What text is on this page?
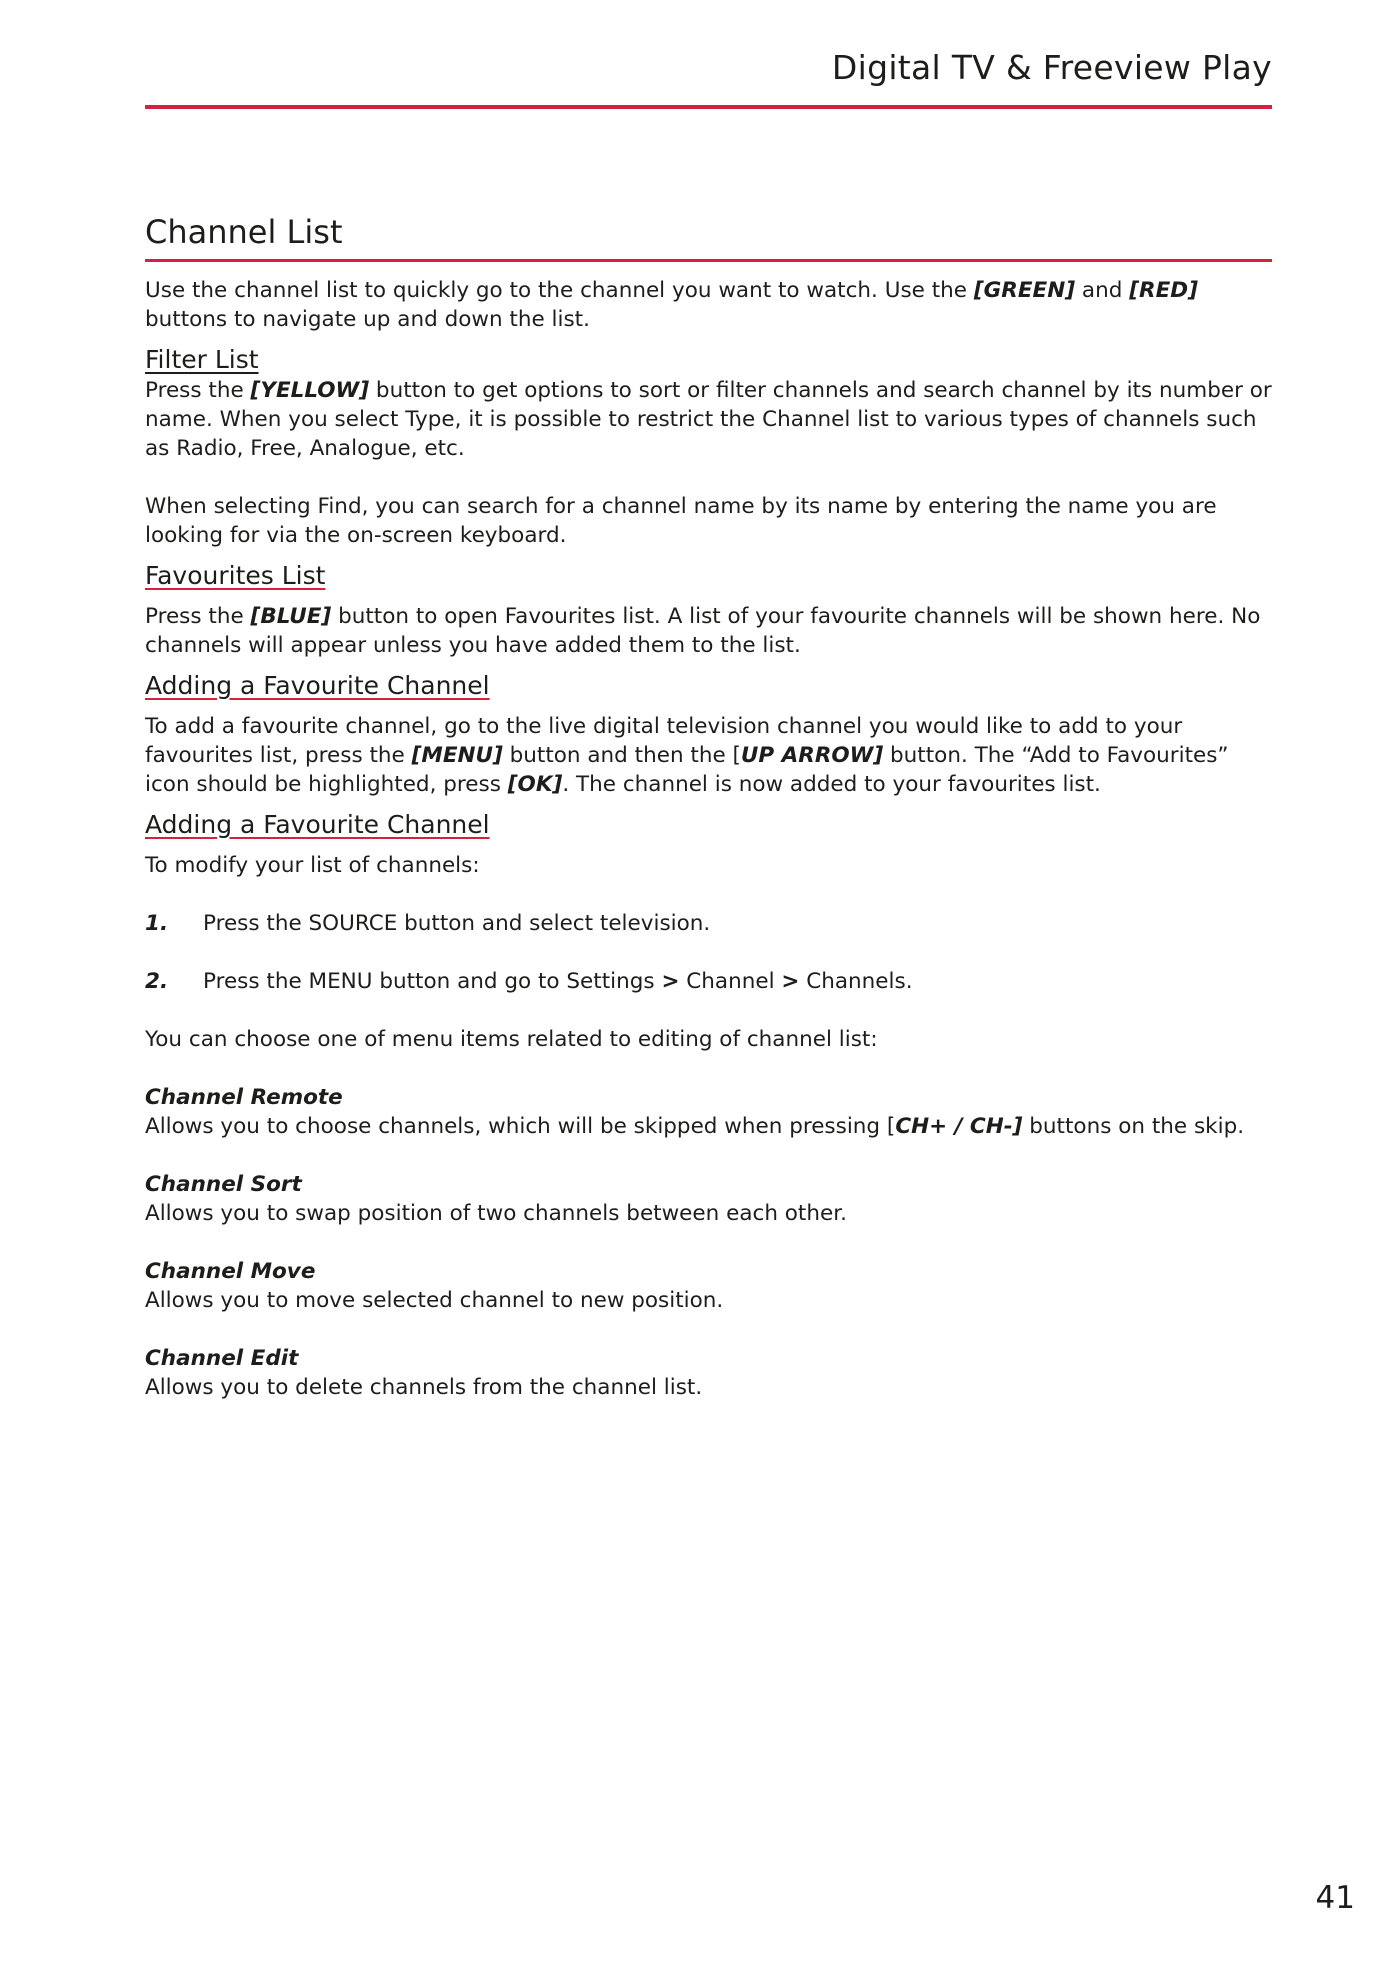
Digital TV & Freeview Play
Channel List

Use the channel list to quickly go to the channel you want to watch. Use the [GREEN] and [RED] buttons to navigate up and down the list.

Filter List

Press the [YELLOW] button to get options to sort or filter channels and search channel by its number or name. When you select Type, it is possible to restrict the Channel list to various types of channels such as Radio, Free, Analogue, etc.

When selecting Find, you can search for a channel name by its name by entering the name you are looking for via the on-screen keyboard.

Favourites List

Press the [BLUE] button to open Favourites list. A list of your favourite channels will be shown here. No channels will appear unless you have added them to the list.

Adding a Favourite Channel

To add a favourite channel, go to the live digital television channel you would like to add to your favourites list, press the [MENU] button and then the [UP ARROW] button. The “Add to Favourites” icon should be highlighted, press [OK]. The channel is now added to your favourites list.

Adding a Favourite Channel

To modify your list of channels:

1.	Press the SOURCE button and select television.
2.	Press the MENU button and go to Settings > Channel > Channels.

You can choose one of menu items related to editing of channel list:

Channel Remote

Allows you to choose channels, which will be skipped when pressing [CH+ / CH-] buttons on the skip.

Channel Sort

Allows you to swap position of two channels between each other.

Channel Move

Allows you to move selected channel to new position.

Channel Edit

Allows you to delete channels from the channel list.

41
